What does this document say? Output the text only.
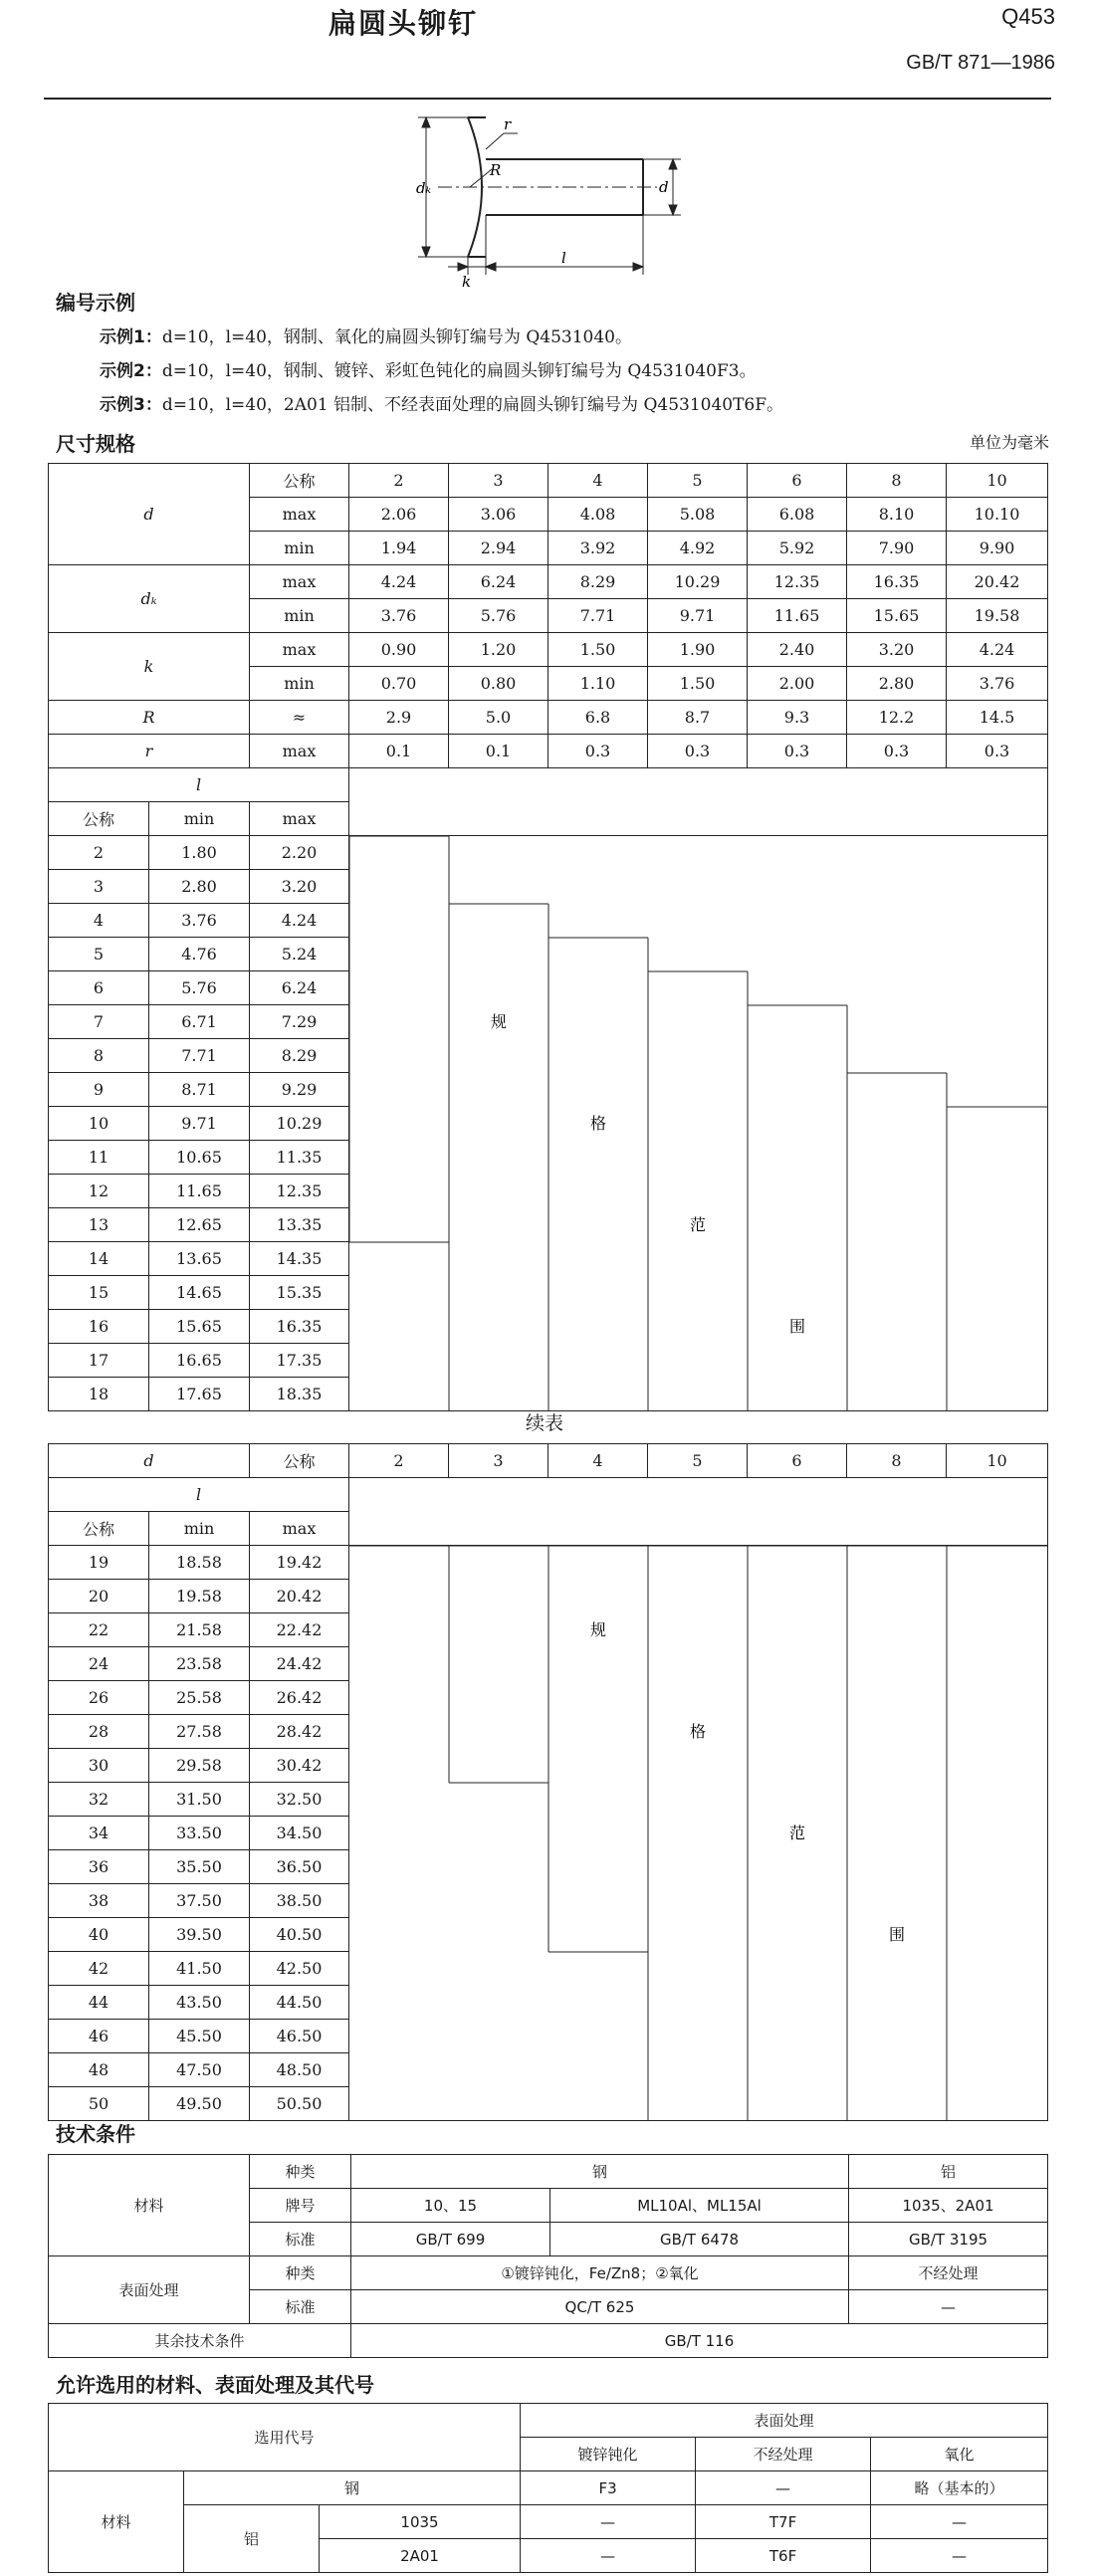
扁圆头铆钉	Q453
GB/T 871—1986
r
R
dₖ	d
k
l
编号示例
示例1：d=10，l=40，钢制、氧化的扁圆头铆钉编号为 Q4531040。
示例2：d=10，l=40，钢制、镀锌、彩虹色钝化的扁圆头铆钉编号为 Q4531040F3。
示例3：d=10，l=40，2A01 铝制、不经表面处理的扁圆头铆钉编号为 Q4531040T6F。
尺寸规格	单位为毫米
d		公称	2	3	4	5	6	8	10
		max	2.06	3.06	4.08	5.08	6.08	8.10	10.10
		min	1.94	2.94	3.92	4.92	5.92	7.90	9.90
dₖ		max	4.24	6.24	8.29	10.29	12.35	16.35	20.42
		min	3.76	5.76	7.71	9.71	11.65	15.65	19.58
k		max	0.90	1.20	1.50	1.90	2.40	3.20	4.24
		min	0.70	0.80	1.10	1.50	2.00	2.80	3.76
R		≈	2.9	5.0	6.8	8.7	9.3	12.2	14.5
r		max	0.1	0.1	0.3	0.3	0.3	0.3	0.3
l									
公称	min	max							
2	1.80	2.20	规
格
范
围						

3	2.80	3.20							
4	3.76	4.24							
5	4.76	5.24							
6	5.76	6.24							
7	6.71	7.29							
8	7.71	8.29							
9	8.71	9.29							
10	9.71	10.29							
11	10.65	11.35							
12	11.65	12.35							
13	12.65	13.35							
14	13.65	14.35							
15	14.65	15.35							
16	15.65	16.35							
17	16.65	17.35							
18	17.65	18.35							
续表
d		公称	2	3	4	5	6	8	10
l									
公称	min	max							
19	18.58	19.42	规
格
范
围						

20	19.58	20.42							
22	21.58	22.42							
24	23.58	24.42							
26	25.58	26.42							
28	27.58	28.42							
30	29.58	30.42							
32	31.50	32.50							
34	33.50	34.50							
36	35.50	36.50							
38	37.50	38.50							
40	39.50	40.50							
42	41.50	42.50							
44	43.50	44.50							
46	45.50	46.50							
48	47.50	48.50							
50	49.50	50.50							
技术条件
材料	种类	钢		铝
	牌号	10、15	ML10Al、ML15Al	1035、2A01
	标准	GB/T 699	GB/T 6478	GB/T 3195
表面处理	种类	①镀锌钝化，Fe/Zn8；②氧化		不经处理
	标准	QC/T 625		—
其余技术条件		GB/T 116		
允许选用的材料、表面处理及其代号
选用代号			表面处理		
			镀锌钝化	不经处理	氧化
材料	钢		F3	—	略（基本的）
	铝	1035	—	T7F	—
		2A01	—	T6F	—
